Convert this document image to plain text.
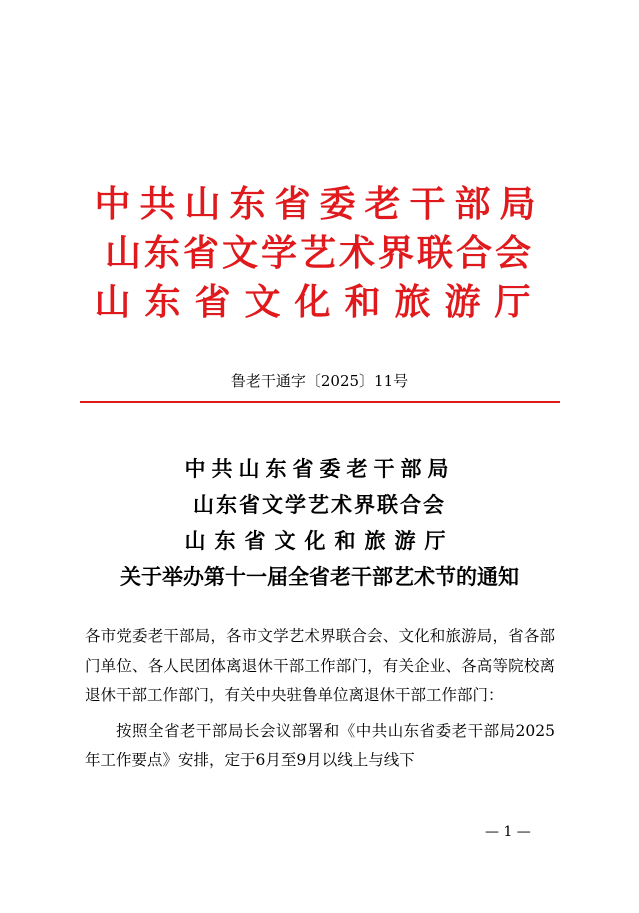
中共山东省委老干部局
山东省文学艺术界联合会
山东省文化和旅游厅
鲁老干通字〔2025〕11号
中共山东省委老干部局
山东省文学艺术界联合会
山东省文化和旅游厅
关于举办第十一届全省老干部艺术节的通知

各市党委老干部局，各市文学艺术界联合会、文化和旅游局，省各部门单位、各人民团体离退休干部工作部门，有关企业、各高等院校离退休干部工作部门，有关中央驻鲁单位离退休干部工作部门：

按照全省老干部局长会议部署和《中共山东省委老干部局2025年工作要点》安排，定于6月至9月以线上与线下

— 1 —
